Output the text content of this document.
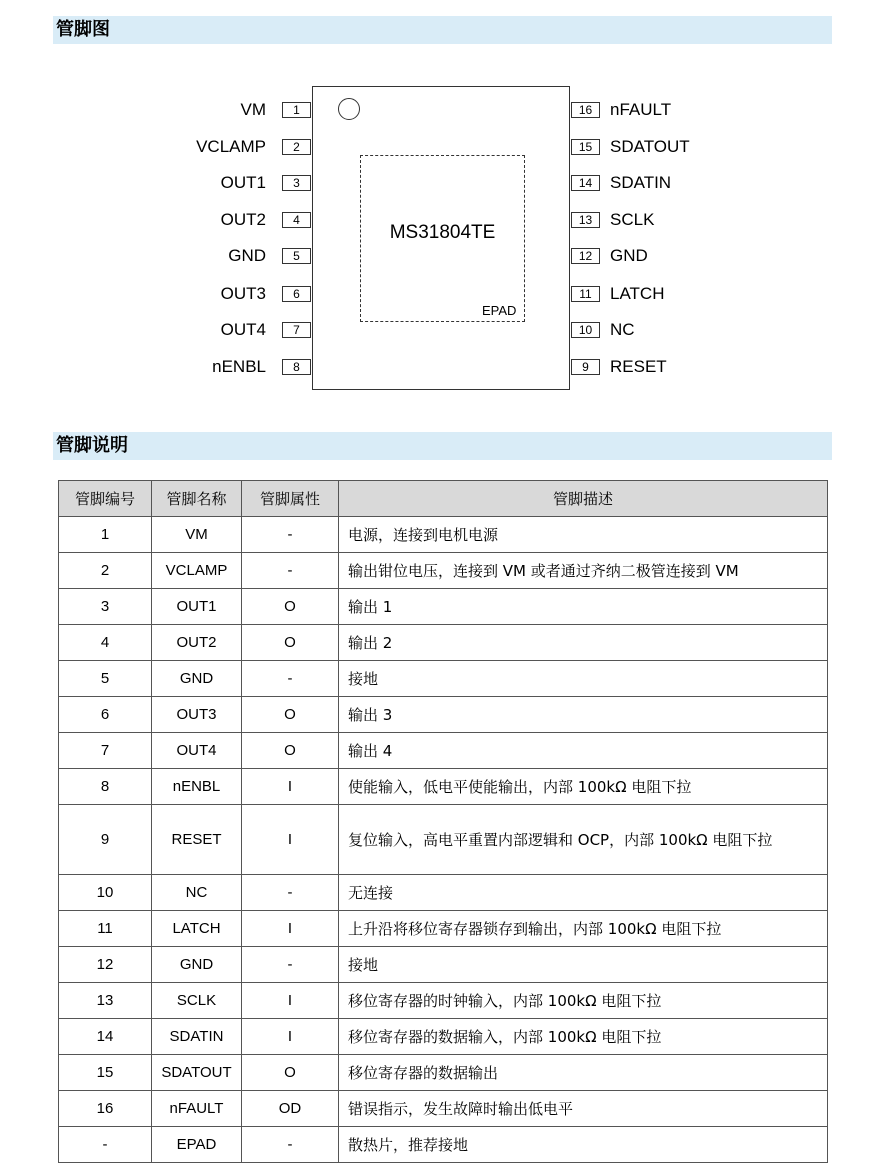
管脚图
MS31804TE
EPAD
1
VM
2
VCLAMP
3
OUT1
4
OUT2
5
GND
6
OUT3
7
OUT4
8
nENBL
16	nFAULT
15	SDATOUT
14	SDATIN
13	SCLK
12	GND
11	LATCH
10	NC
9	RESET
管脚说明
管脚编号	管脚名称	管脚属性	管脚描述
1	VM	-	电源，连接到电机电源
2	VCLAMP	-	输出钳位电压，连接到 VM 或者通过齐纳二极管连接到 VM
3	OUT1	O	输出 1
4	OUT2	O	输出 2
5	GND	-	接地
6	OUT3	O	输出 3
7	OUT4	O	输出 4
8	nENBL	I	使能输入，低电平使能输出，内部 100kΩ 电阻下拉
9	RESET	I	复位输入，高电平重置内部逻辑和 OCP，内部 100kΩ 电阻下拉
10	NC	-	无连接
11	LATCH	I	上升沿将移位寄存器锁存到输出，内部 100kΩ 电阻下拉
12	GND	-	接地
13	SCLK	I	移位寄存器的时钟输入，内部 100kΩ 电阻下拉
14	SDATIN	I	移位寄存器的数据输入，内部 100kΩ 电阻下拉
15	SDATOUT	O	移位寄存器的数据输出
16	nFAULT	OD	错误指示，发生故障时输出低电平
-	EPAD	-	散热片，推荐接地
